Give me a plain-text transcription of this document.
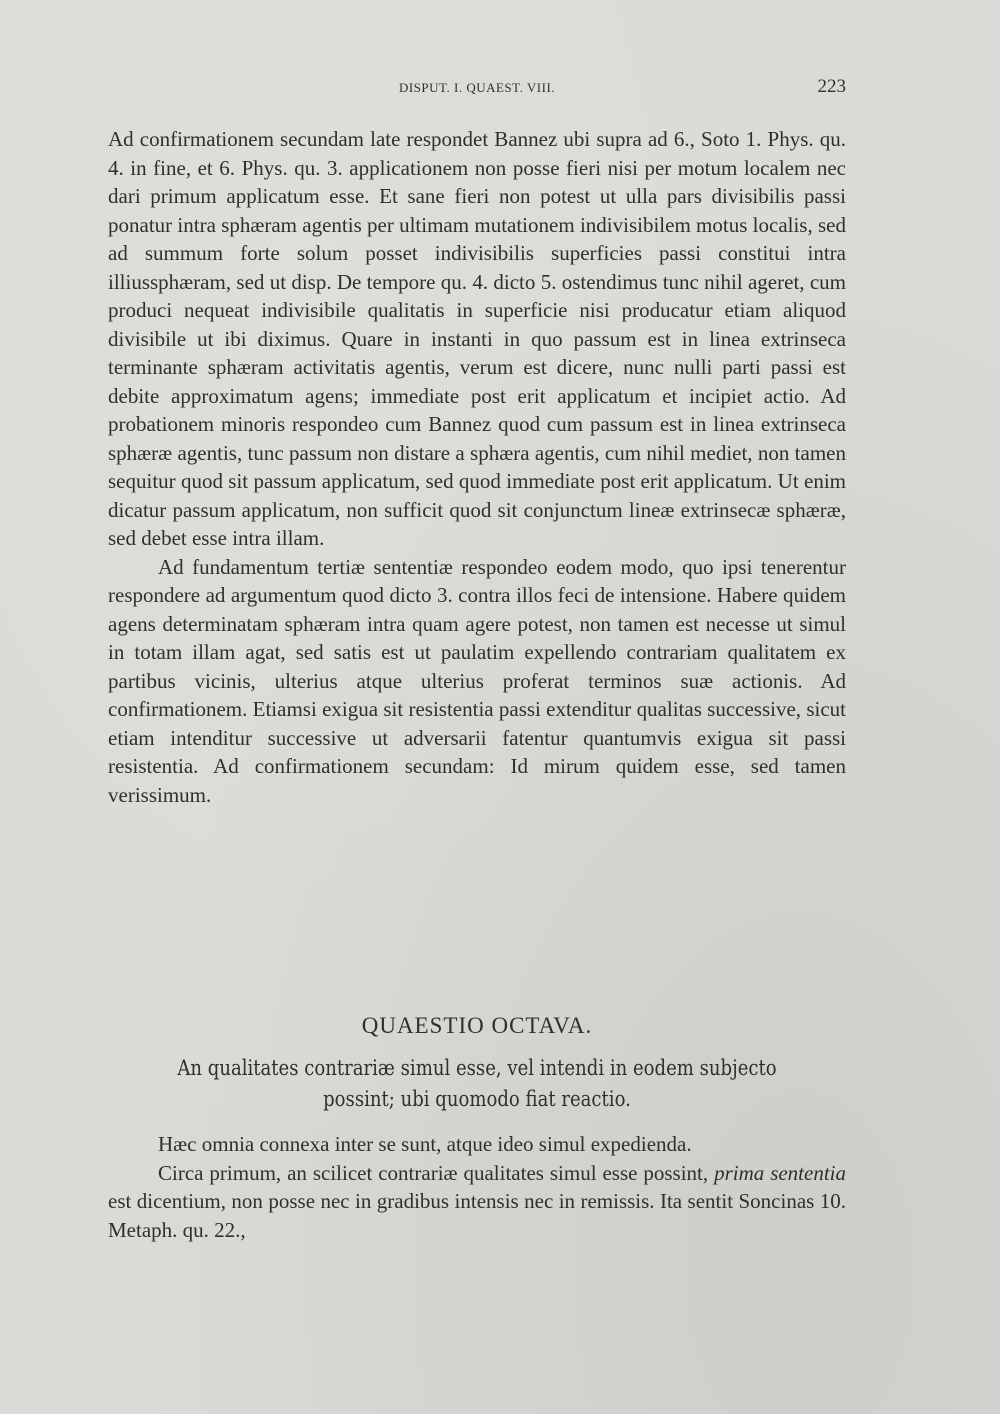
DISPUT. I. QUAEST. VIII.	223

Ad confirmationem secundam late respondet Bannez ubi supra ad 6., Soto 1. Phys. qu. 4. in fine, et 6. Phys. qu. 3. applicationem non posse fieri nisi per motum localem nec dari primum applicatum esse. Et sane fieri non potest ut ulla pars divisibilis passi ponatur intra sphæram agentis per ultimam mutationem indivisibilem motus localis, sed ad summum forte solum posset indivisibilis superficies passi constitui intra illiussphæram, sed ut disp. De tempore qu. 4. dicto 5. ostendimus tunc nihil ageret, cum produci nequeat indivisibile qualitatis in superficie nisi producatur etiam aliquod divisibile ut ibi diximus. Quare in instanti in quo passum est in linea extrinseca terminante sphæram activitatis agentis, verum est dicere, nunc nulli parti passi est debite approximatum agens; immediate post erit applicatum et incipiet actio. Ad probationem minoris respondeo cum Bannez quod cum passum est in linea extrinseca sphæræ agentis, tunc passum non distare a sphæra agentis, cum nihil mediet, non tamen sequitur quod sit passum applicatum, sed quod immediate post erit applicatum. Ut enim dicatur passum applicatum, non sufficit quod sit conjunctum lineæ extrinsecæ sphæræ, sed debet esse intra illam.

Ad fundamentum tertiæ sententiæ respondeo eodem modo, quo ipsi tenerentur respondere ad argumentum quod dicto 3. contra illos feci de intensione. Habere quidem agens determinatam sphæram intra quam agere potest, non tamen est necesse ut simul in totam illam agat, sed satis est ut paulatim expellendo contrariam qualitatem ex partibus vicinis, ulterius atque ulterius proferat terminos suæ actionis. Ad confirmationem. Etiamsi exigua sit resistentia passi extenditur qualitas successive, sicut etiam intenditur successive ut adversarii fatentur quantumvis exigua sit passi resistentia. Ad confirmationem secundam: Id mirum quidem esse, sed tamen verissimum.

QUAESTIO OCTAVA.
An qualitates contrariæ simul esse, vel intendi in eodem subjecto
possint; ubi quomodo fiat reactio.

Hæc omnia connexa inter se sunt, atque ideo simul expedienda.

Circa primum, an scilicet contrariæ qualitates simul esse possint, prima sententia est dicentium, non posse nec in gradibus intensis nec in remissis. Ita sentit Soncinas 10. Metaph. qu. 22.,
